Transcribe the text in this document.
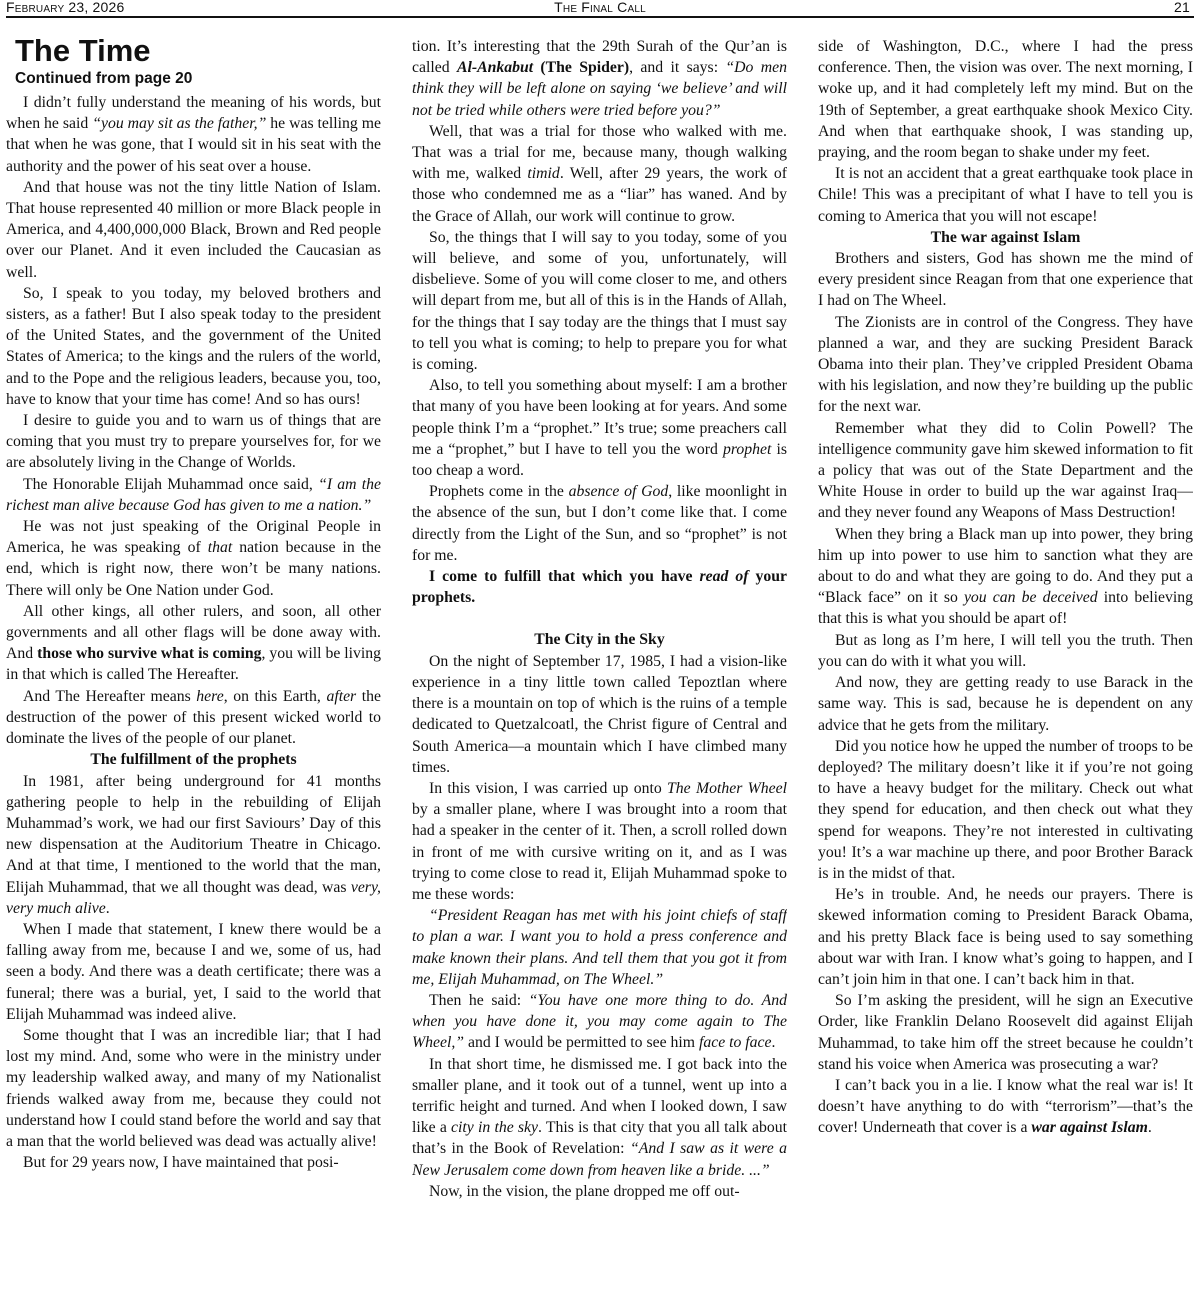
February 23, 2026	The Final Call	21
The Time
Continued from page 20

I didn’t fully understand the meaning of his words, but when he said “you may sit as the father,” he was telling me that when he was gone, that I would sit in his seat with the authority and the power of his seat over a house.

And that house was not the tiny little Nation of Islam. That house represented 40 million or more Black people in America, and 4,400,000,000 Black, Brown and Red people over our Planet. And it even included the Caucasian as well.

So, I speak to you today, my beloved brothers and sisters, as a father! But I also speak today to the president of the United States, and the government of the United States of America; to the kings and the rulers of the world, and to the Pope and the religious leaders, because you, too, have to know that your time has come! And so has ours!

I desire to guide you and to warn us of things that are coming that you must try to prepare yourselves for, for we are absolutely living in the Change of Worlds.

The Honorable Elijah Muhammad once said, “I am the richest man alive because God has given to me a nation.”

He was not just speaking of the Original People in America, he was speaking of that nation because in the end, which is right now, there won’t be many nations. There will only be One Nation under God.

All other kings, all other rulers, and soon, all other governments and all other flags will be done away with. And those who survive what is coming, you will be living in that which is called The Hereafter.

And The Hereafter means here, on this Earth, after the destruction of the power of this present wicked world to dominate the lives of the people of our planet.

The fulfillment of the prophets

In 1981, after being underground for 41 months gathering people to help in the rebuilding of Elijah Muhammad’s work, we had our first Saviours’ Day of this new dispensation at the Auditorium Theatre in Chicago. And at that time, I mentioned to the world that the man, Elijah Muhammad, that we all thought was dead, was very, very much alive.

When I made that statement, I knew there would be a falling away from me, because I and we, some of us, had seen a body. And there was a death certificate; there was a funeral; there was a burial, yet, I said to the world that Elijah Muhammad was indeed alive.

Some thought that I was an incredible liar; that I had lost my mind. And, some who were in the ministry under my leadership walked away, and many of my Nationalist friends walked away from me, because they could not understand how I could stand before the world and say that a man that the world believed was dead was actually alive!

But for 29 years now, I have maintained that posi-

tion. It’s interesting that the 29th Surah of the Qur’an is called Al-Ankabut (The Spider), and it says: “Do men think they will be left alone on saying ‘we believe’ and will not be tried while others were tried before you?”

Well, that was a trial for those who walked with me. That was a trial for me, because many, though walking with me, walked timid. Well, after 29 years, the work of those who condemned me as a “liar” has waned. And by the Grace of Allah, our work will continue to grow.

So, the things that I will say to you today, some of you will believe, and some of you, unfortunately, will disbelieve. Some of you will come closer to me, and others will depart from me, but all of this is in the Hands of Allah, for the things that I say today are the things that I must say to tell you what is coming; to help to prepare you for what is coming.

Also, to tell you something about myself: I am a brother that many of you have been looking at for years. And some people think I’m a “prophet.” It’s true; some preachers call me a “prophet,” but I have to tell you the word prophet is too cheap a word.

Prophets come in the absence of God, like moonlight in the absence of the sun, but I don’t come like that. I come directly from the Light of the Sun, and so “prophet” is not for me.

I come to fulfill that which you have read of your prophets.

The City in the Sky

On the night of September 17, 1985, I had a vision-like experience in a tiny little town called Tepoztlan where there is a mountain on top of which is the ruins of a temple dedicated to Quetzalcoatl, the Christ figure of Central and South America—a mountain which I have climbed many times.

In this vision, I was carried up onto The Mother Wheel by a smaller plane, where I was brought into a room that had a speaker in the center of it. Then, a scroll rolled down in front of me with cursive writing on it, and as I was trying to come close to read it, Elijah Muhammad spoke to me these words:

“President Reagan has met with his joint chiefs of staff to plan a war. I want you to hold a press conference and make known their plans. And tell them that you got it from me, Elijah Muhammad, on The Wheel.”

Then he said: “You have one more thing to do. And when you have done it, you may come again to The Wheel,” and I would be permitted to see him face to face.

In that short time, he dismissed me. I got back into the smaller plane, and it took out of a tunnel, went up into a terrific height and turned. And when I looked down, I saw like a city in the sky. This is that city that you all talk about that’s in the Book of Revelation: “And I saw as it were a New Jerusalem come down from heaven like a bride. ...”

Now, in the vision, the plane dropped me off out-

side of Washington, D.C., where I had the press conference. Then, the vision was over. The next morning, I woke up, and it had completely left my mind. But on the 19th of September, a great earthquake shook Mexico City. And when that earthquake shook, I was standing up, praying, and the room began to shake under my feet.

It is not an accident that a great earthquake took place in Chile! This was a precipitant of what I have to tell you is coming to America that you will not escape!

The war against Islam

Brothers and sisters, God has shown me the mind of every president since Reagan from that one experience that I had on The Wheel.

The Zionists are in control of the Congress. They have planned a war, and they are sucking President Barack Obama into their plan. They’ve crippled President Obama with his legislation, and now they’re building up the public for the next war.

Remember what they did to Colin Powell? The intelligence community gave him skewed information to fit a policy that was out of the State Department and the White House in order to build up the war against Iraq—and they never found any Weapons of Mass Destruction!

When they bring a Black man up into power, they bring him up into power to use him to sanction what they are about to do and what they are going to do. And they put a “Black face” on it so you can be deceived into believing that this is what you should be apart of!

But as long as I’m here, I will tell you the truth. Then you can do with it what you will.

And now, they are getting ready to use Barack in the same way. This is sad, because he is dependent on any advice that he gets from the military.

Did you notice how he upped the number of troops to be deployed? The military doesn’t like it if you’re not going to have a heavy budget for the military. Check out what they spend for education, and then check out what they spend for weapons. They’re not interested in cultivating you! It’s a war machine up there, and poor Brother Barack is in the midst of that.

He’s in trouble. And, he needs our prayers. There is skewed information coming to President Barack Obama, and his pretty Black face is being used to say something about war with Iran. I know what’s going to happen, and I can’t join him in that one. I can’t back him in that.

So I’m asking the president, will he sign an Executive Order, like Franklin Delano Roosevelt did against Elijah Muhammad, to take him off the street because he couldn’t stand his voice when America was prosecuting a war?

I can’t back you in a lie. I know what the real war is! It doesn’t have anything to do with “terrorism”—that’s the cover! Underneath that cover is a war against Islam.
